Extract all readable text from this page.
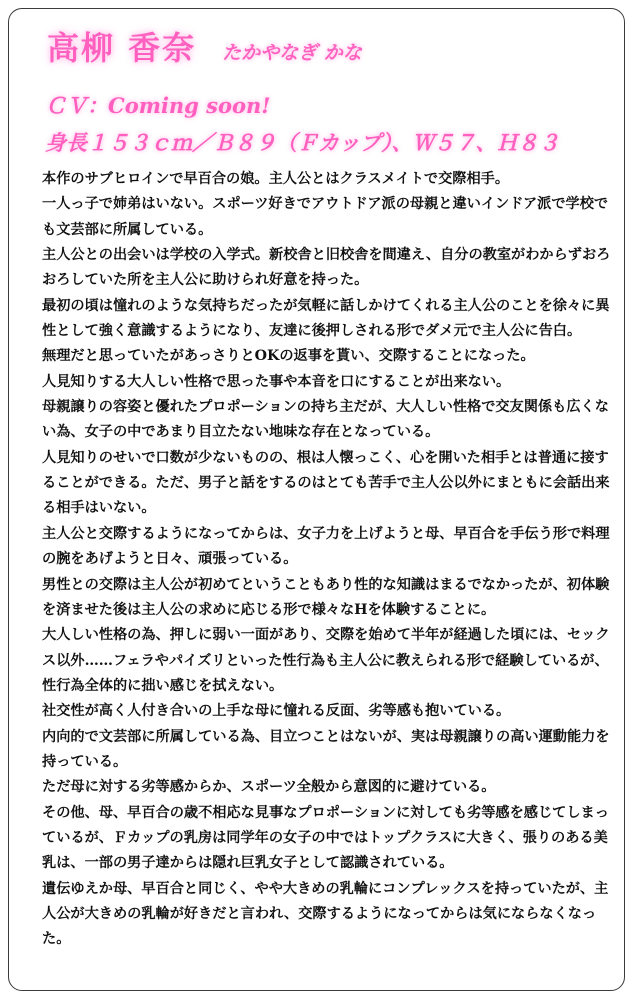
高柳 香奈 たかやなぎ かな
ＣＶ：Coming soon!
身長１５３ｃｍ／Ｂ８９（Ｆカップ）、Ｗ５７、Ｈ８３

本作のサブヒロインで早百合の娘。主人公とはクラスメイトで交際相手。

一人っ子で姉弟はいない。スポーツ好きでアウトドア派の母親と違いインドア派で学校でも文芸部に所属している。

主人公との出会いは学校の入学式。新校舎と旧校舎を間違え、自分の教室がわからずおろおろしていた所を主人公に助けられ好意を持った。

最初の頃は憧れのような気持ちだったが気軽に話しかけてくれる主人公のことを徐々に異性として強く意識するようになり、友達に後押しされる形でダメ元で主人公に告白。

無理だと思っていたがあっさりとOKの返事を貰い、交際することになった。

人見知りする大人しい性格で思った事や本音を口にすることが出来ない。

母親譲りの容姿と優れたプロポーションの持ち主だが、大人しい性格で交友関係も広くない為、女子の中であまり目立たない地味な存在となっている。

人見知りのせいで口数が少ないものの、根は人懐っこく、心を開いた相手とは普通に接することができる。ただ、男子と話をするのはとても苦手で主人公以外にまともに会話出来る相手はいない。

主人公と交際するようになってからは、女子力を上げようと母、早百合を手伝う形で料理の腕をあげようと日々、頑張っている。

男性との交際は主人公が初めてということもあり性的な知識はまるでなかったが、初体験を済ませた後は主人公の求めに応じる形で様々なHを体験することに。

大人しい性格の為、押しに弱い一面があり、交際を始めて半年が経過した頃には、セックス以外……フェラやパイズリといった性行為も主人公に教えられる形で経験しているが、性行為全体的に拙い感じを拭えない。

社交性が高く人付き合いの上手な母に憧れる反面、劣等感も抱いている。

内向的で文芸部に所属している為、目立つことはないが、実は母親譲りの高い運動能力を持っている。

ただ母に対する劣等感からか、スポーツ全般から意図的に避けている。

その他、母、早百合の歳不相応な見事なプロポーションに対しても劣等感を感じてしまっているが、Ｆカップの乳房は同学年の女子の中ではトップクラスに大きく、張りのある美乳は、一部の男子達からは隠れ巨乳女子として認識されている。

遺伝ゆえか母、早百合と同じく、やや大きめの乳輪にコンプレックスを持っていたが、主人公が大きめの乳輪が好きだと言われ、交際するようになってからは気にならなくなった。
